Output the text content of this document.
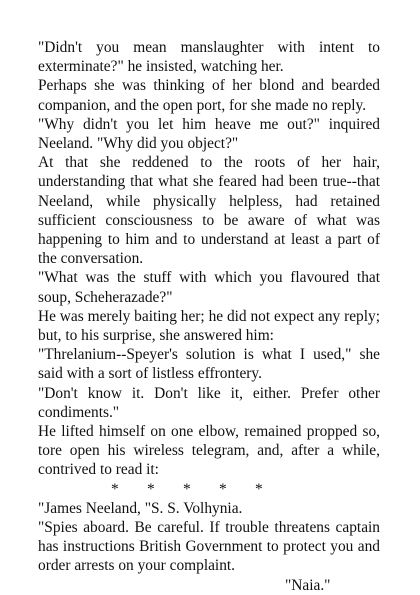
"Didn't you mean manslaughter with intent to exterminate?" he insisted, watching her.

Perhaps she was thinking of her blond and bearded companion, and the open port, for she made no reply.

"Why didn't you let him heave me out?" inquired Neeland. "Why did you object?"

At that she reddened to the roots of her hair, understanding that what she feared had been true--that Neeland, while physically helpless, had retained sufficient consciousness to be aware of what was happening to him and to understand at least a part of the conversation.

"What was the stuff with which you flavoured that soup, Scheherazade?"

He was merely baiting her; he did not expect any reply; but, to his surprise, she answered him:

"Threlanium--Speyer's solution is what I used," she said with a sort of listless effrontery.

"Don't know it. Don't like it, either. Prefer other condiments."

He lifted himself on one elbow, remained propped so, tore open his wireless telegram, and, after a while, contrived to read it:

* * * * *

"James Neeland, "S. S. Volhynia.

"Spies aboard. Be careful. If trouble threatens captain has instructions British Government to protect you and order arrests on your complaint.

"Naia."
